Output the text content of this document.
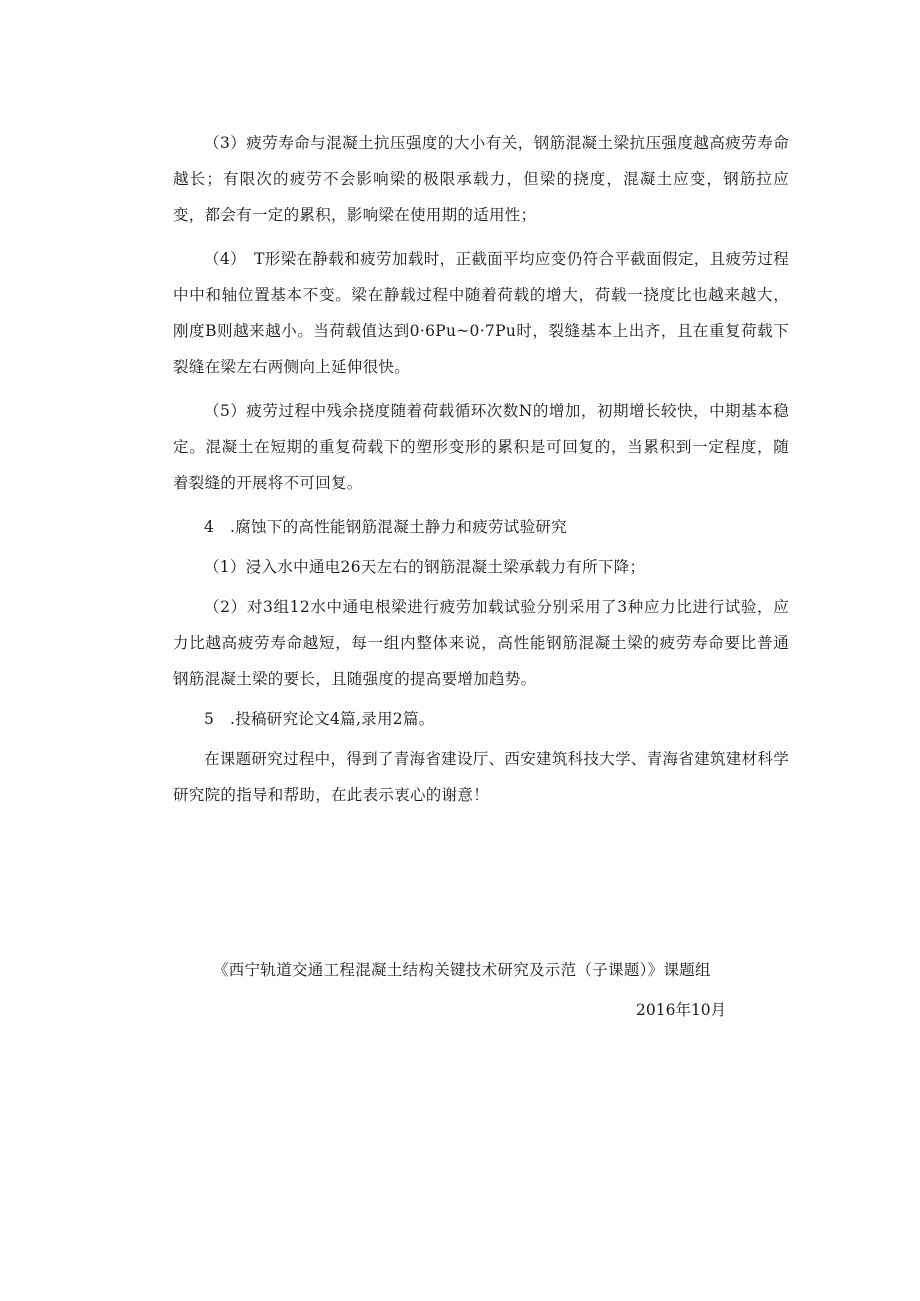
（3）疲劳寿命与混凝土抗压强度的大小有关，钢筋混凝土梁抗压强度越高疲劳寿命越长；有限次的疲劳不会影响梁的极限承载力，但梁的挠度，混凝土应变，钢筋拉应变，都会有一定的累积，影响梁在使用期的适用性；

（4）　T形梁在静载和疲劳加载时，正截面平均应变仍符合平截面假定，且疲劳过程中中和轴位置基本不变。梁在静载过程中随着荷载的增大，荷载一挠度比也越来越大，刚度B则越来越小。当荷载值达到0·6Pu~0·7Pu时，裂缝基本上出齐，且在重复荷载下裂缝在梁左右两侧向上延伸很快。

（5）疲劳过程中残余挠度随着荷载循环次数N的增加，初期增长较快，中期基本稳定。混凝土在短期的重复荷载下的塑形变形的累积是可回复的，当累积到一定程度，随着裂缝的开展将不可回复。

4　.腐蚀下的高性能钢筋混凝土静力和疲劳试验研究

（1）浸入水中通电26天左右的钢筋混凝土梁承载力有所下降；

（2）对3组12水中通电根梁进行疲劳加载试验分别采用了3种应力比进行试验，应力比越高疲劳寿命越短，每一组内整体来说，高性能钢筋混凝土梁的疲劳寿命要比普通钢筋混凝土梁的要长，且随强度的提高要增加趋势。

5　.投稿研究论文4篇,录用2篇。

在课题研究过程中，得到了青海省建设厅、西安建筑科技大学、青海省建筑建材科学研究院的指导和帮助，在此表示衷心的谢意！

《西宁轨道交通工程混凝土结构关键技术研究及示范（子课题）》课题组
2016年10月
